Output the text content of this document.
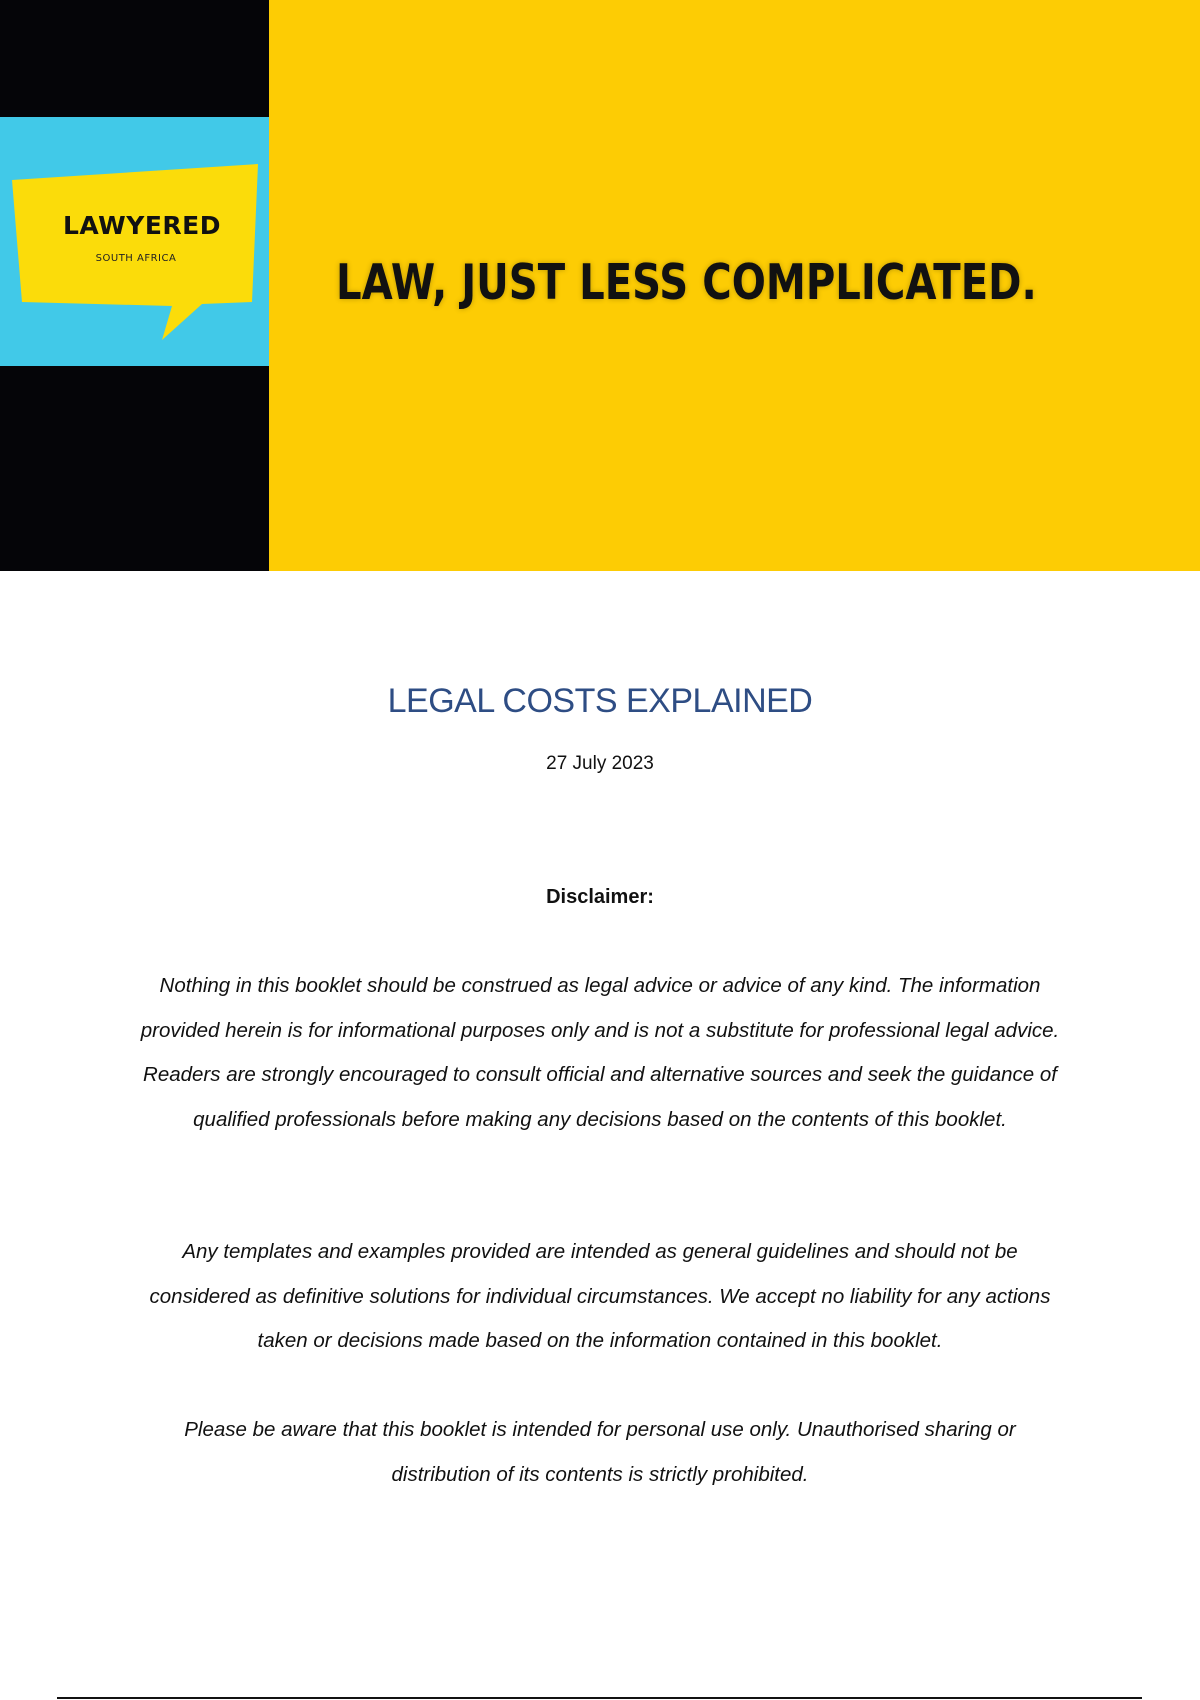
LAWYERED
SOUTH AFRICA	LAW, JUST LESS COMPLICATED.
LEGAL COSTS EXPLAINED
27 July 2023
Disclaimer:

Nothing in this booklet should be construed as legal advice or advice of any kind. The information provided herein is for informational purposes only and is not a substitute for professional legal advice. Readers are strongly encouraged to consult official and alternative sources and seek the guidance of qualified professionals before making any decisions based on the contents of this booklet.

Any templates and examples provided are intended as general guidelines and should not be considered as definitive solutions for individual circumstances. We accept no liability for any actions taken or decisions made based on the information contained in this booklet.

Please be aware that this booklet is intended for personal use only. Unauthorised sharing or distribution of its contents is strictly prohibited.
